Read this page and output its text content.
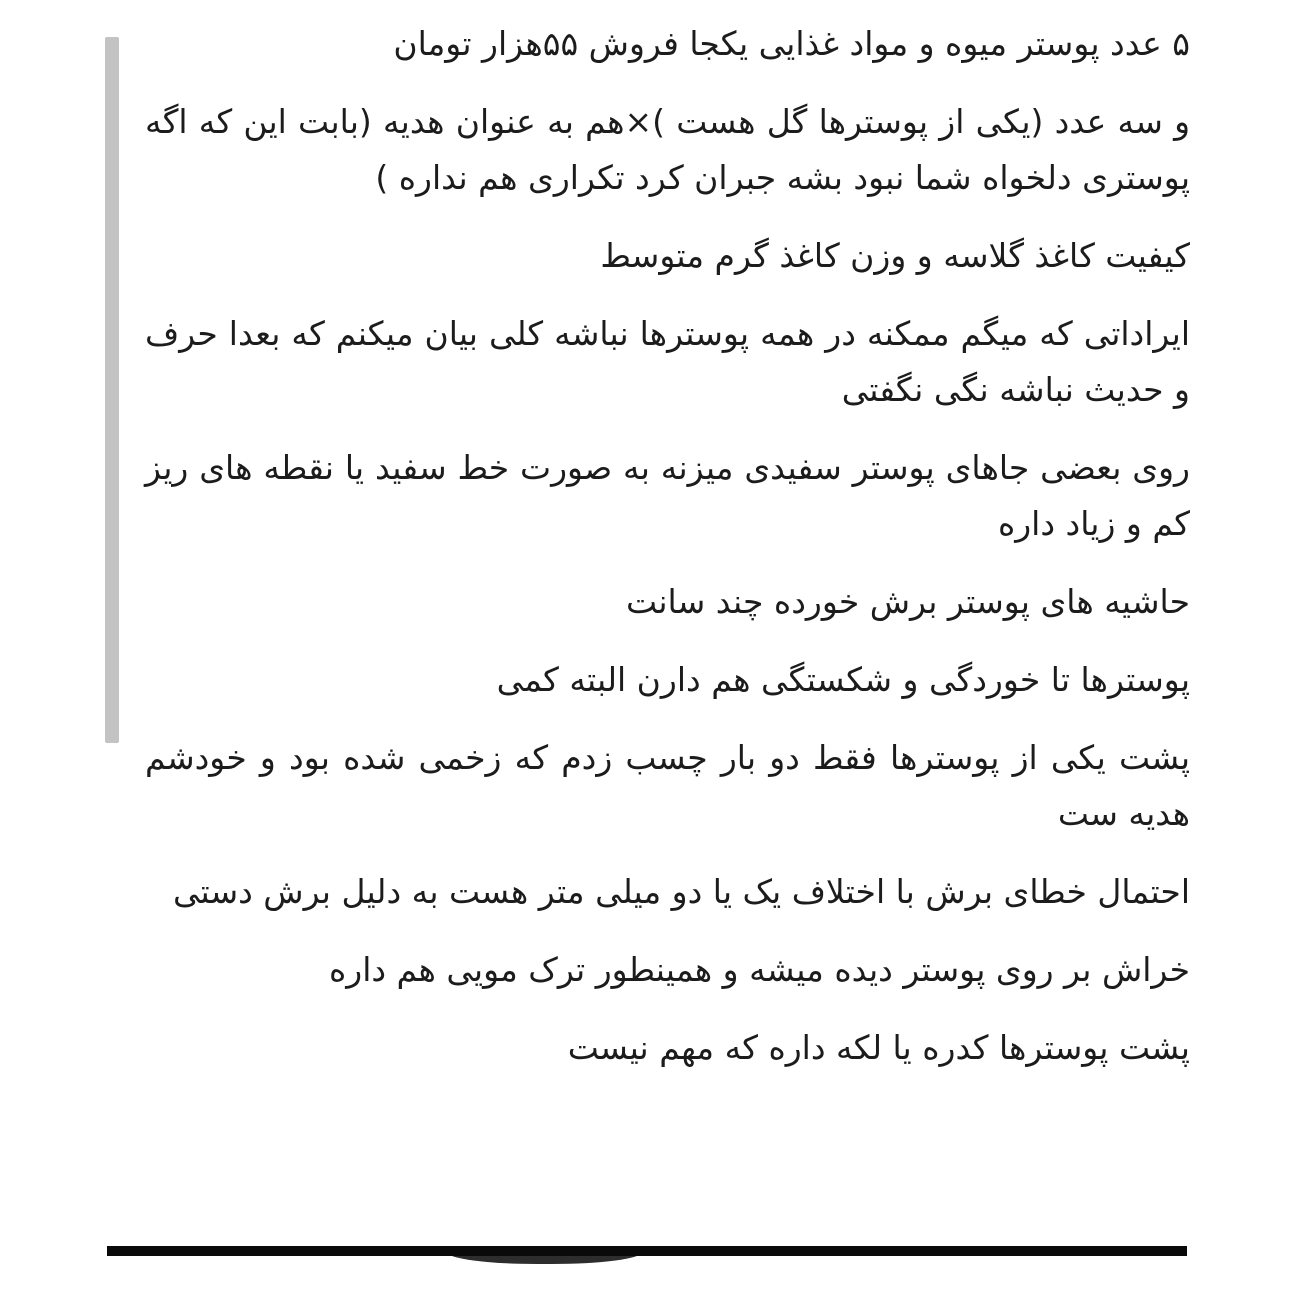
۵ عدد پوستر میوه و مواد غذایی یکجا فروش ۵۵هزار تومان

و سه عدد (یکی از پوسترها گل هست )×هم به عنوان هدیه (بابت این که اگه پوستری دلخواه شما نبود بشه جبران کرد تکراری هم نداره )

کیفیت کاغذ گلاسه و وزن کاغذ گرم متوسط

ایراداتی که میگم ممکنه در همه پوسترها نباشه کلی بیان میکنم که بعدا حرف و حدیث نباشه نگی نگفتی

روی بعضی جاهای پوستر سفیدی میزنه به صورت خط سفید یا نقطه های ریز کم و زیاد داره

حاشیه های پوستر برش خورده چند سانت

پوسترها تا خوردگی و شکستگی هم دارن البته کمی

پشت یکی از پوسترها فقط دو بار چسب زدم که زخمی شده بود و خودشم هدیه ست

احتمال خطای برش با اختلاف یک یا دو میلی متر هست به دلیل برش دستی

خراش بر روی پوستر دیده میشه و همینطور ترک مویی هم داره

پشت پوسترها کدره یا لکه داره که مهم نیست
